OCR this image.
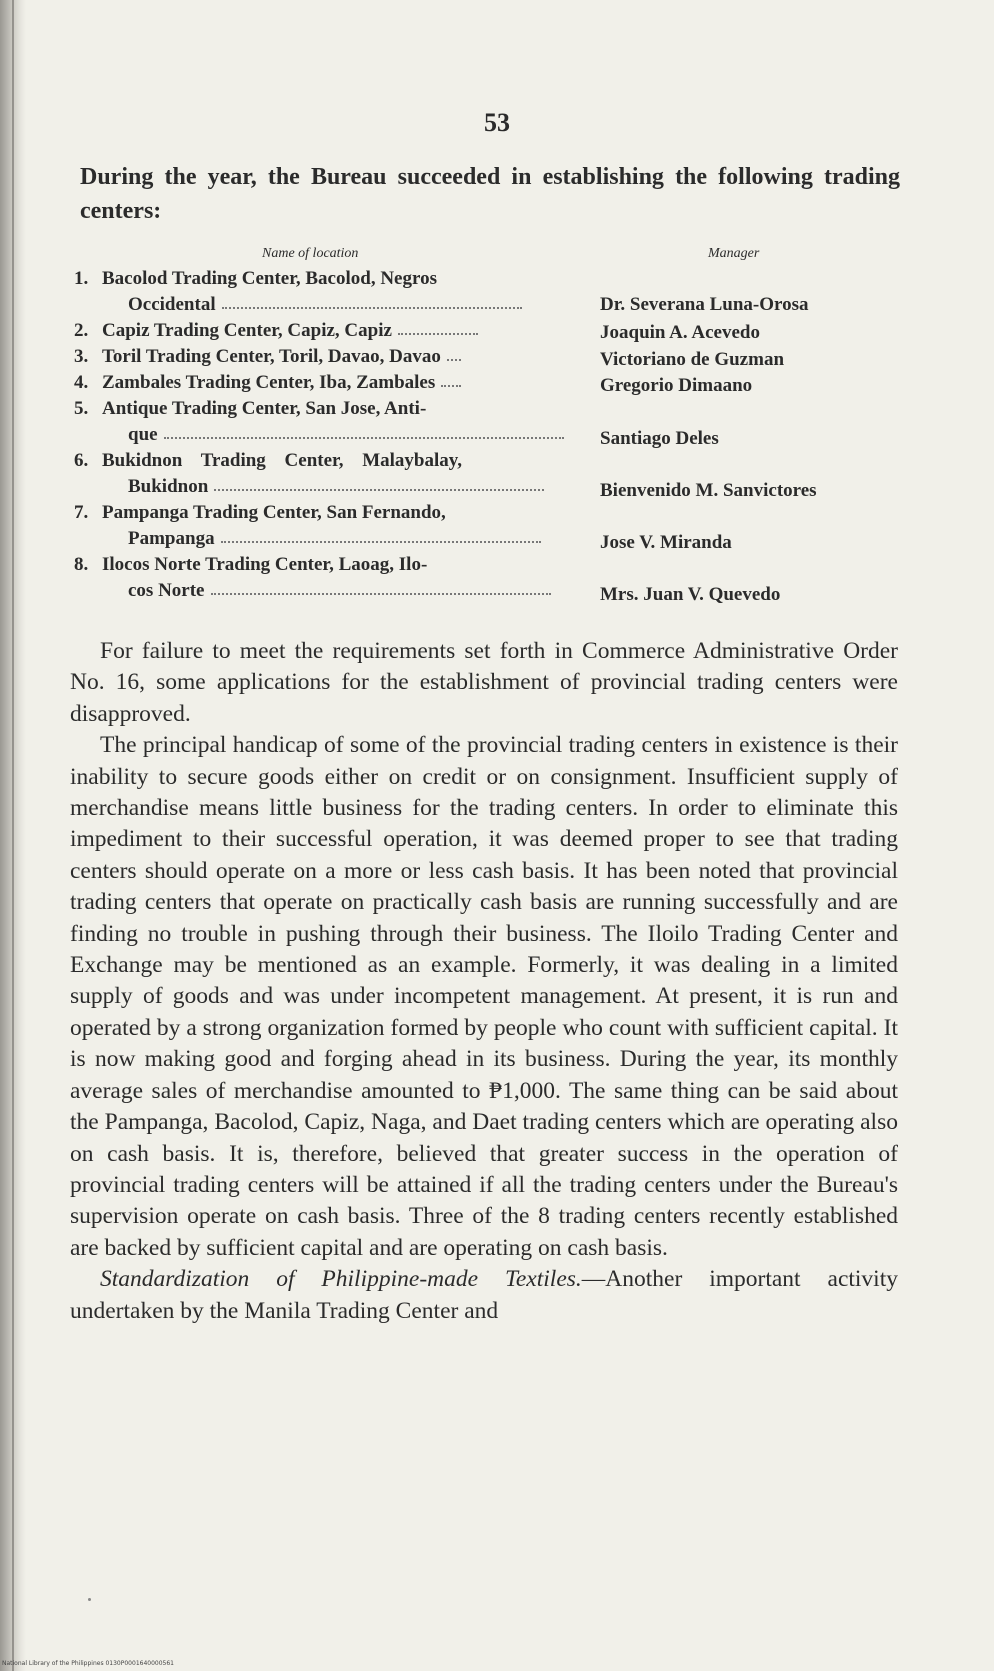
53
During the year, the Bureau succeeded in establishing the following trading centers:
Name of location	Manager
1. Bacolod Trading Center, Bacolod, Negros
Occidental	Dr. Severana Luna-Orosa
2. Capiz Trading Center, Capiz, Capiz	Joaquin A. Acevedo
3. Toril Trading Center, Toril, Davao, Davao	Victoriano de Guzman
4. Zambales Trading Center, Iba, Zambales	Gregorio Dimaano
5. Antique Trading Center, San Jose, Anti-
que	Santiago Deles
6. Bukidnon Trading Center, Malaybalay,
Bukidnon	Bienvenido M. Sanvictores
7. Pampanga Trading Center, San Fernando,
Pampanga	Jose V. Miranda
8. Ilocos Norte Trading Center, Laoag, Ilo-
cos Norte	Mrs. Juan V. Quevedo

For failure to meet the requirements set forth in Commerce Administrative Order No. 16, some applications for the establishment of provincial trading centers were disapproved.

The principal handicap of some of the provincial trading centers in existence is their inability to secure goods either on credit or on consignment. Insufficient supply of merchandise means little business for the trading centers. In order to eliminate this impediment to their successful operation, it was deemed proper to see that trading centers should operate on a more or less cash basis. It has been noted that provincial trading centers that operate on practically cash basis are running successfully and are finding no trouble in pushing through their business. The Iloilo Trading Center and Exchange may be mentioned as an example. Formerly, it was dealing in a limited supply of goods and was under incompetent management. At present, it is run and operated by a strong organization formed by people who count with sufficient capital. It is now making good and forging ahead in its business. During the year, its monthly average sales of merchandise amounted to ₱1,000. The same thing can be said about the Pampanga, Bacolod, Capiz, Naga, and Daet trading centers which are operating also on cash basis. It is, therefore, believed that greater success in the operation of provincial trading centers will be attained if all the trading centers under the Bureau's supervision operate on cash basis. Three of the 8 trading centers recently established are backed by sufficient capital and are operating on cash basis.

Standardization of Philippine-made Textiles.—Another important activity undertaken by the Manila Trading Center and

National Library of the Philippines 0130P0001640000561
